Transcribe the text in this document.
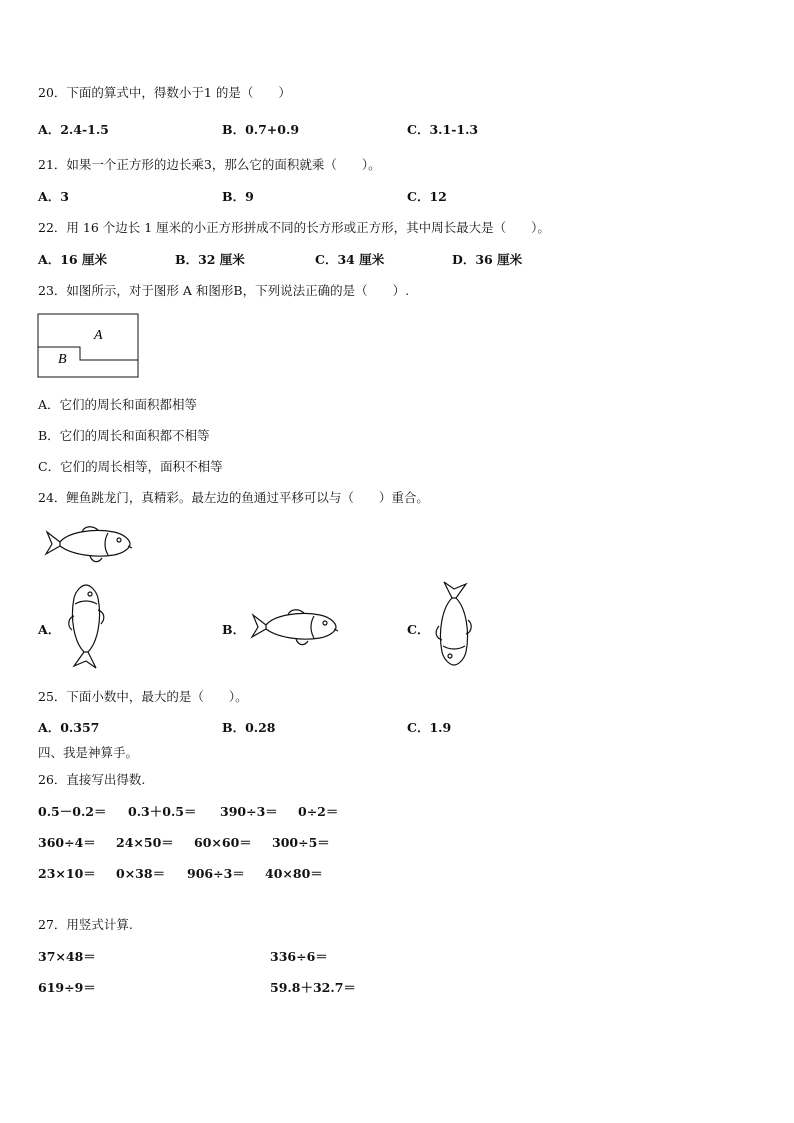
20．下面的算式中，得数小于1 的是（　　）
A．2.4-1.5	B．0.7+0.9	C．3.1-1.3
21．如果一个正方形的边长乘3，那么它的面积就乘（　　）。
A．3	B．9	C．12
22．用 16 个边长 1 厘米的小正方形拼成不同的长方形或正方形，其中周长最大是（　　）。
A．16 厘米	B．32 厘米	C．34 厘米	D．36 厘米
23．如图所示，对于图形 A 和图形B，下列说法正确的是（　　）.
A
B
A．它们的周长和面积都相等
B．它们的周长和面积都不相等
C．它们的周长相等，面积不相等
24．鲤鱼跳龙门，真精彩。最左边的鱼通过平移可以与（　　）重合。
A．	B．	C．
25．下面小数中，最大的是（　　）。
A．0.357	B．0.28	C．1.9
四、我是神算手。
26．直接写出得数.
0.5－0.2＝ 0.3＋0.5＝ 390÷3＝ 0÷2＝
360÷4＝ 24×50＝ 60×60＝ 300÷5＝
23×10＝ 0×38＝ 906÷3＝ 40×80＝
27．用竖式计算.
37×48＝	336÷6＝
619÷9＝	59.8＋32.7＝
